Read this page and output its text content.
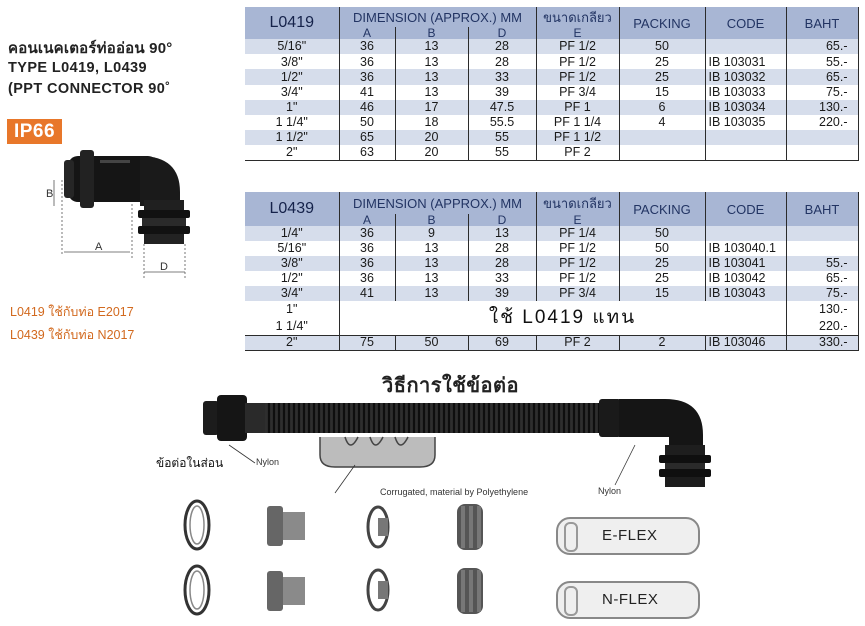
คอนเนคเตอร์ท่ออ่อน 90°
TYPE L0419, L0439
(PPT CONNECTOR 90˚
IP66
B
A
D
L0419 ใช้กับท่อ E2017
L0439 ใช้กับท่อ N2017
L0419	DIMENSION (APPROX.) MM			ขนาดเกลียว	PACKING	CODE	BAHT
	A	B	D	E			
5/16"	36	13	28	PF 1/2	50		65.-
3/8"	36	13	28	PF 1/2	25	IB 103031	55.-
1/2"	36	13	33	PF 1/2	25	IB 103032	65.-
3/4"	41	13	39	PF 3/4	15	IB 103033	75.-
1"	46	17	47.5	PF 1	6	IB 103034	130.-
1 1/4"	50	18	55.5	PF 1 1/4	4	IB 103035	220.-
1 1/2"	65	20	55	PF 1 1/2			
2"	63	20	55	PF 2			
L0439	DIMENSION (APPROX.) MM			ขนาดเกลียว	PACKING	CODE	BAHT
	A	B	D	E			
1/4"	36	9	13	PF 1/4	50		
5/16"	36	13	28	PF 1/2	50	IB 103040.1	
3/8"	36	13	28	PF 1/2	25	IB 103041	55.-
1/2"	36	13	33	PF 1/2	25	IB 103042	65.-
3/4"	41	13	39	PF 3/4	15	IB 103043	75.-
1"	ใช้ L0419 แทน						130.-
1 1/4"							220.-
2"	75	50	69	PF 2	2	IB 103046	330.-
วิธีการใช้ข้อต่อ
ข้อต่อในส่อน	Nylon
Corrugated, material by Polyethylene	Nylon
E-FLEX
N-FLEX
